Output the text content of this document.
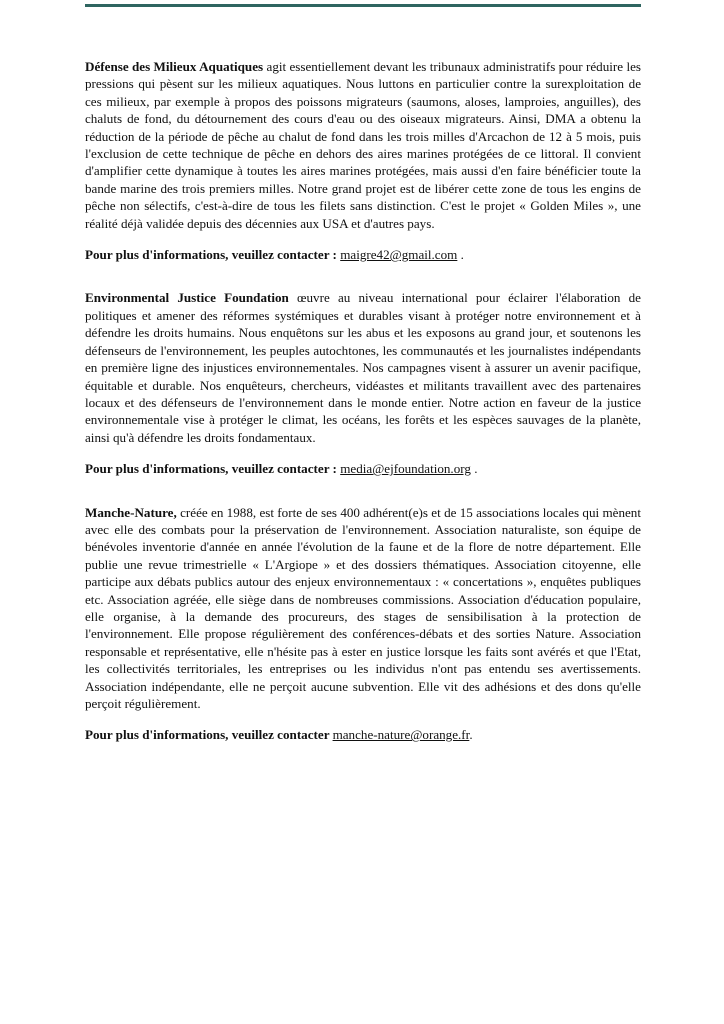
Défense des Milieux Aquatiques agit essentiellement devant les tribunaux administratifs pour réduire les pressions qui pèsent sur les milieux aquatiques. Nous luttons en particulier contre la surexploitation de ces milieux, par exemple à propos des poissons migrateurs (saumons, aloses, lamproies, anguilles), des chaluts de fond, du détournement des cours d'eau ou des oiseaux migrateurs. Ainsi, DMA a obtenu la réduction de la période de pêche au chalut de fond dans les trois milles d'Arcachon de 12 à 5 mois, puis l'exclusion de cette technique de pêche en dehors des aires marines protégées de ce littoral. Il convient d'amplifier cette dynamique à toutes les aires marines protégées, mais aussi d'en faire bénéficier toute la bande marine des trois premiers milles. Notre grand projet est de libérer cette zone de tous les engins de pêche non sélectifs, c'est-à-dire de tous les filets sans distinction. C'est le projet « Golden Miles », une réalité déjà validée depuis des décennies aux USA et d'autres pays.

Pour plus d'informations, veuillez contacter : maigre42@gmail.com .

Environmental Justice Foundation œuvre au niveau international pour éclairer l'élaboration de politiques et amener des réformes systémiques et durables visant à protéger notre environnement et à défendre les droits humains. Nous enquêtons sur les abus et les exposons au grand jour, et soutenons les défenseurs de l'environnement, les peuples autochtones, les communautés et les journalistes indépendants en première ligne des injustices environnementales. Nos campagnes visent à assurer un avenir pacifique, équitable et durable. Nos enquêteurs, chercheurs, vidéastes et militants travaillent avec des partenaires locaux et des défenseurs de l'environnement dans le monde entier. Notre action en faveur de la justice environnementale vise à protéger le climat, les océans, les forêts et les espèces sauvages de la planète, ainsi qu'à défendre les droits fondamentaux.

Pour plus d'informations, veuillez contacter : media@ejfoundation.org .

Manche-Nature, créée en 1988, est forte de ses 400 adhérent(e)s et de 15 associations locales qui mènent avec elle des combats pour la préservation de l'environnement. Association naturaliste, son équipe de bénévoles inventorie d'année en année l'évolution de la faune et de la flore de notre département. Elle publie une revue trimestrielle « L'Argiope » et des dossiers thématiques. Association citoyenne, elle participe aux débats publics autour des enjeux environnementaux : « concertations », enquêtes publiques etc. Association agréée, elle siège dans de nombreuses commissions. Association d'éducation populaire, elle organise, à la demande des procureurs, des stages de sensibilisation à la protection de l'environnement. Elle propose régulièrement des conférences-débats et des sorties Nature. Association responsable et représentative, elle n'hésite pas à ester en justice lorsque les faits sont avérés et que l'Etat, les collectivités territoriales, les entreprises ou les individus n'ont pas entendu ses avertissements. Association indépendante, elle ne perçoit aucune subvention. Elle vit des adhésions et des dons qu'elle perçoit régulièrement.

Pour plus d'informations, veuillez contacter manche-nature@orange.fr.
